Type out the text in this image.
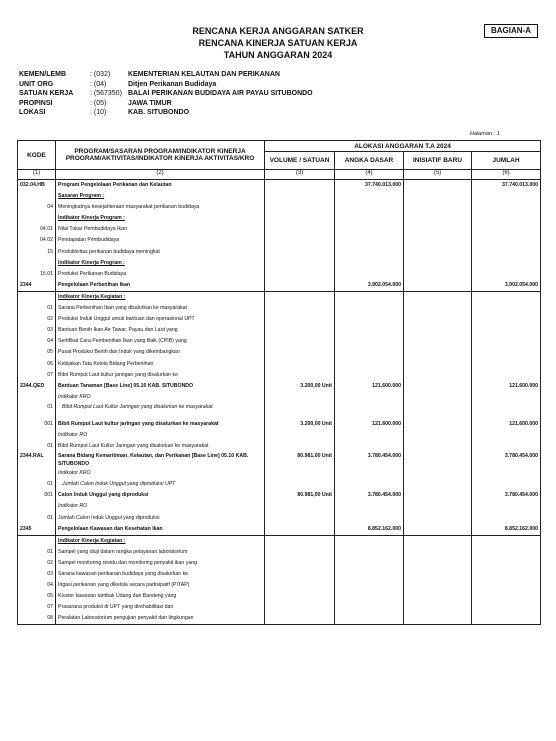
RENCANA KERJA ANGGARAN SATKER
RENCANA KINERJA SATUAN KERJA
TAHUN ANGGARAN 2024
BAGIAN-A
KEMEN/LEMB	: (032)	KEMENTERIAN KELAUTAN DAN PERIKANAN
UNIT ORG	: (04)	Ditjen Perikanan Budidaya
SATUAN KERJA	: (567350) BALAI PERIKANAN BUDIDAYA AIR PAYAU SITUBONDO
PROPINSI	: (05)	JAWA TIMUR
LOKASI	: (10)	KAB. SITUBONDO
Halaman : 1
KODE	PROGRAM/SASARAN PROGRAM/INDIKATOR KINERJA PROGRAM/AKTIVITAS/INDIKATOR KINERJA AKTIVITAS/KRO	ALOKASI ANGGARAN T.A 2024			
		VOLUME / SATUAN	ANGKA DASAR	INISIATIF BARU	JUMLAH
(1)	(2)	(3)	(4)	(5)	(6)
032.04.HB	Program Pengelolaan Perikanan dan Kelautan		37.740.013.000		37.740.013.000
	Sasaran Program :				
04	Meningkatnya kesejahteraan masyarakat perikanan budidaya				
	Indikator Kinerja Program :				
04.01	Nilai Tukar Pembudidaya Ikan				
04.02	Pendapatan Pembudidaya				
15	Produktivitas perikanan budidaya meningkat				
	Indikator Kinerja Program :				
15.01	Produksi Perikanan Budidaya				
2344	Pengelolaan Perbenihan Ikan		3.902.054.000		3.902.054.000
	Indikator Kinerja Kegiatan :				
01	Sarana Perbenihan Ikan yang disalurkan ke masyarakat				
02	Produksi Induk Unggul untuk bantuan dan operasional UPT				
03	Bantuan Benih Ikan Air Tawar, Payau dan Laut yang				
04	Sertifikat Cara Pembenihan Ikan yang Baik (CPIB) yang				
05	Pusat Produksi Benih dan Induk yang dikembangkan				
06	Kebijakan Tata Kelola Bidang Perbenihan				
07	Bibit Rumput Laut kultur jaringan yang disalurkan ke				
2344.QED	Bantuan Tanaman [Base Line] 05.10 KAB. SITUBONDO	3.200,00 Unit	121.600.000		121.600.000
	Indikator KRO				
01	Bibit Rumput Laut Kultur Jaringan yang disalurkan ke masyarakat				
001	Bibit Rumput Laut kultur jaringan yang disalurkan ke masyarakat	3.200,00 Unit	121.600.000		121.600.000
	Indikator RO				
01	Bibit Rumput Laut Kultur Jaringan yang disalurkan ke masyarakat				
2344.RAL	Sarana Bidang Kemaritiman, Kelautan, dan Perikanan [Base Line] 05.10 KAB. SITUBONDO	80.981,00 Unit	3.780.454.000		3.780.454.000
	Indikator KRO				
01	Jumlah Calon Induk Unggul yang diproduksi UPT				
001	Calon Induk Unggul yang diproduksi	80.981,00 Unit	3.780.454.000		3.780.454.000
	Indikator RO				
01	Jumlah Calon Induk Unggul yang diproduksi				
2345	Pengelolaan Kawasan dan Kesehatan Ikan		8.852.162.000		8.852.162.000
	Indikator Kinerja Kegiatan :				
01	Sampel yang diuji dalam rangka pelayanan laboratorium				
02	Sampel monitoring residu dan monitoring penyakit ikan yang				
03	Sarana kawasan perikanan budidaya yang disalurkan ke				
04	Irigasi perikanan yang dikelola secara partisipatif (PITAP)				
05	Kluster kawasan tambak Udang dan Bandeng yang				
07	Prasarana produksi di UPT yang direhabilitasi dan				
08	Peralatan Laboratorium pengujian penyakit dan lingkungan				
